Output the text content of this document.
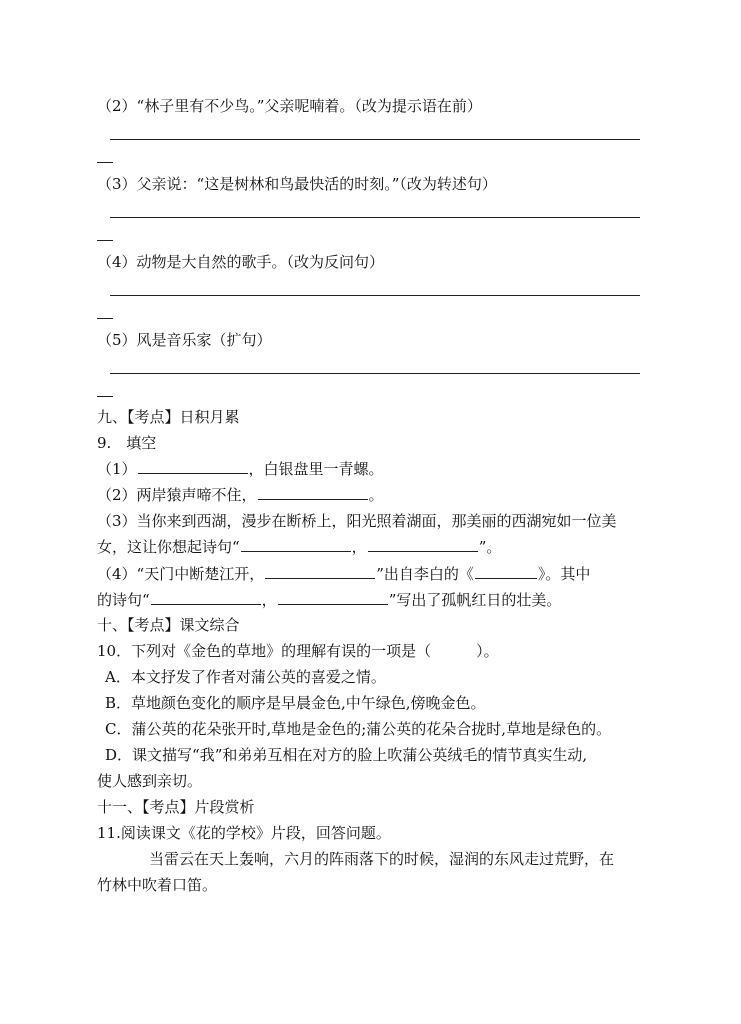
（2）“林子里有不少鸟。”父亲呢喃着。（改为提示语在前）
（3）父亲说：“这是树林和鸟最快活的时刻。”（改为转述句）
（4）动物是大自然的歌手。（改为反问句）
（5）风是音乐家（扩句）
九、【考点】日积月累
9.　填空
（1）	，白银盘里一青螺。
（2）两岸猿声啼不住，	。
（3）当你来到西湖，漫步在断桥上，阳光照着湖面，那美丽的西湖宛如一位美
女，这让你想起诗句“	，	”。
（4）“天门中断楚江开，	”出自李白的《	》。其中
的诗句“	，	”写出了孤帆红日的壮美。
十、【考点】课文综合
10．下列对《金色的草地》的理解有误的一项是（　　　）。
A．本文抒发了作者对蒲公英的喜爱之情。
B．草地颜色变化的顺序是早晨金色,中午绿色,傍晚金色。
C．蒲公英的花朵张开时,草地是金色的;蒲公英的花朵合拢时,草地是绿色的。
D．课文描写“我”和弟弟互相在对方的脸上吹蒲公英绒毛的情节真实生动,
使人感到亲切。
十一、【考点】片段赏析
11.阅读课文《花的学校》片段，回答问题。
当雷云在天上轰响，六月的阵雨落下的时候，湿润的东风走过荒野，在
竹林中吹着口笛。
